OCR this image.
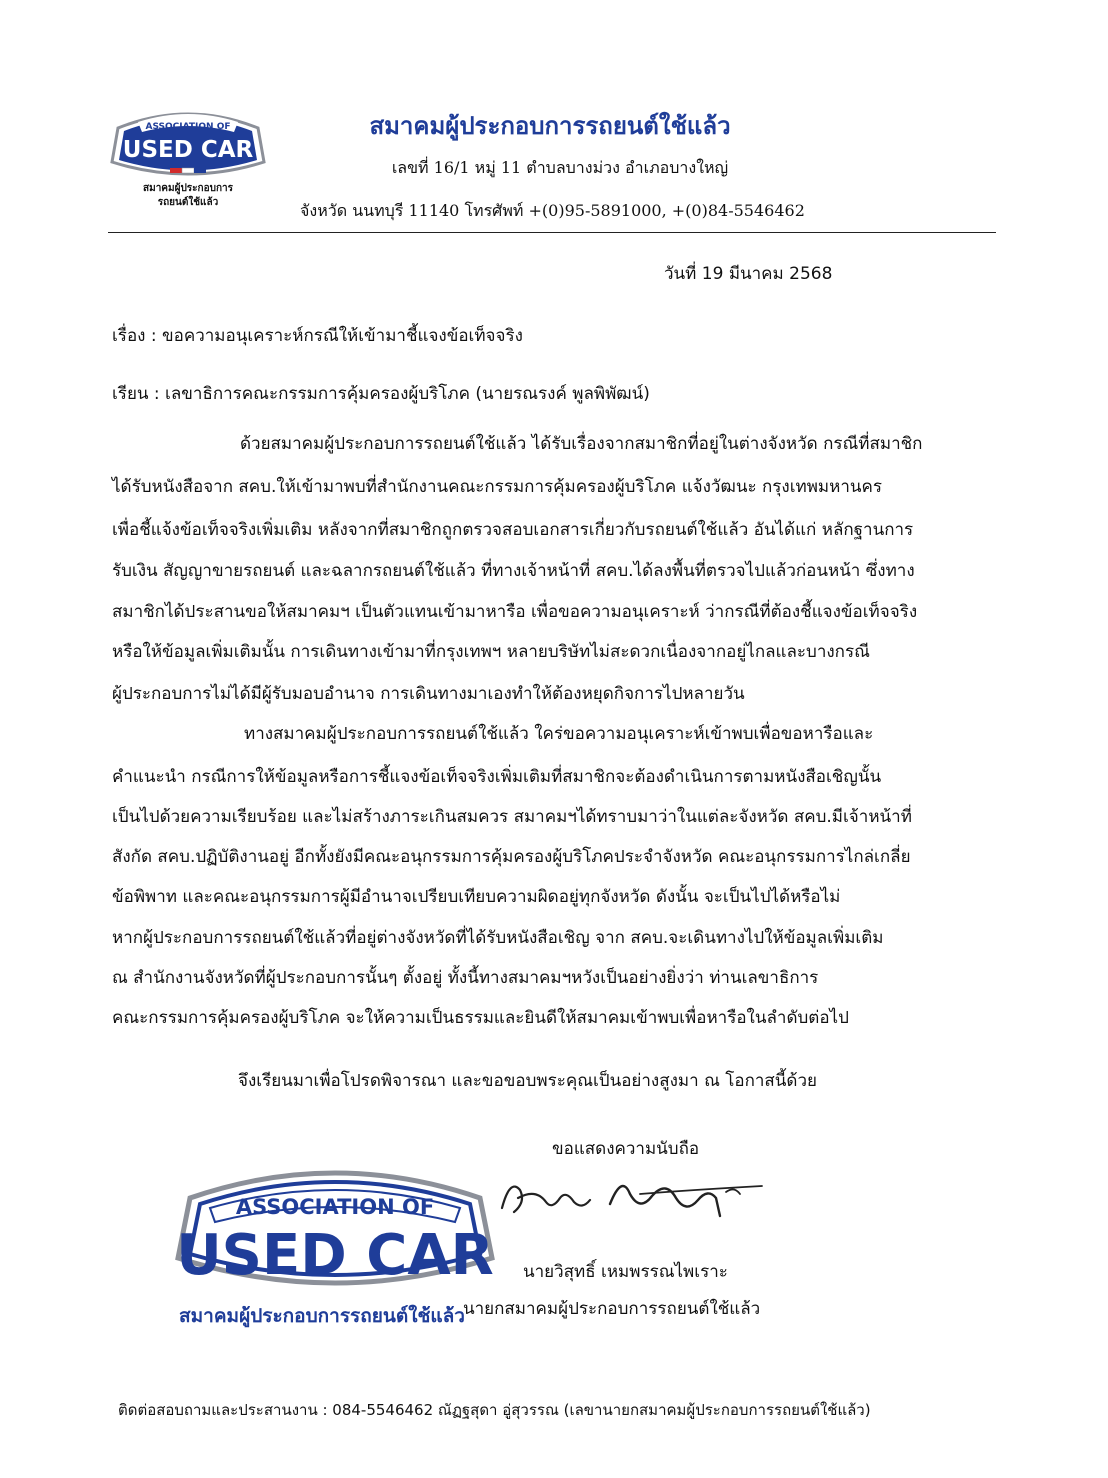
ASSOCIATION OF
USED CAR
สมาคมผู้ประกอบการ
รถยนต์ใช้แล้ว
สมาคมผู้ประกอบการรถยนต์ใช้แล้ว
เลขที่ 16/1 หมู่ 11 ตำบลบางม่วง อำเภอบางใหญ่
จังหวัด นนทบุรี 11140 โทรศัพท์ +(0)95-5891000, +(0)84-5546462
วันที่ 19 มีนาคม 2568
เรื่อง : ขอความอนุเคราะห์กรณีให้เข้ามาชี้แจงข้อเท็จจริง
เรียน : เลขาธิการคณะกรรมการคุ้มครองผู้บริโภค (นายรณรงค์ พูลพิพัฒน์)
ด้วยสมาคมผู้ประกอบการรถยนต์ใช้แล้ว ได้รับเรื่องจากสมาชิกที่อยู่ในต่างจังหวัด กรณีที่สมาชิก
ได้รับหนังสือจาก สคบ.ให้เข้ามาพบที่สำนักงานคณะกรรมการคุ้มครองผู้บริโภค แจ้งวัฒนะ กรุงเทพมหานคร
เพื่อชี้แจ้งข้อเท็จจริงเพิ่มเติม หลังจากที่สมาชิกถูกตรวจสอบเอกสารเกี่ยวกับรถยนต์ใช้แล้ว อันได้แก่ หลักฐานการ
รับเงิน สัญญาขายรถยนต์ และฉลากรถยนต์ใช้แล้ว ที่ทางเจ้าหน้าที่ สคบ.ได้ลงพื้นที่ตรวจไปแล้วก่อนหน้า ซึ่งทาง
สมาชิกได้ประสานขอให้สมาคมฯ เป็นตัวแทนเข้ามาหารือ เพื่อขอความอนุเคราะห์ ว่ากรณีที่ต้องชี้แจงข้อเท็จจริง
หรือให้ข้อมูลเพิ่มเติมนั้น การเดินทางเข้ามาที่กรุงเทพฯ หลายบริษัทไม่สะดวกเนื่องจากอยู่ไกลและบางกรณี
ผู้ประกอบการไม่ได้มีผู้รับมอบอำนาจ การเดินทางมาเองทำให้ต้องหยุดกิจการไปหลายวัน
ทางสมาคมผู้ประกอบการรถยนต์ใช้แล้ว ใคร่ขอความอนุเคราะห์เข้าพบเพื่อขอหารือและ
คำแนะนำ กรณีการให้ข้อมูลหรือการชี้แจงข้อเท็จจริงเพิ่มเติมที่สมาชิกจะต้องดำเนินการตามหนังสือเชิญนั้น
เป็นไปด้วยความเรียบร้อย และไม่สร้างภาระเกินสมควร สมาคมฯได้ทราบมาว่าในแต่ละจังหวัด สคบ.มีเจ้าหน้าที่
สังกัด สคบ.ปฏิบัติงานอยู่ อีกทั้งยังมีคณะอนุกรรมการคุ้มครองผู้บริโภคประจำจังหวัด คณะอนุกรรมการไกล่เกลี่ย
ข้อพิพาท และคณะอนุกรรมการผู้มีอำนาจเปรียบเทียบความผิดอยู่ทุกจังหวัด ดังนั้น จะเป็นไปได้หรือไม่
หากผู้ประกอบการรถยนต์ใช้แล้วที่อยู่ต่างจังหวัดที่ได้รับหนังสือเชิญ จาก สคบ.จะเดินทางไปให้ข้อมูลเพิ่มเติม
ณ สำนักงานจังหวัดที่ผู้ประกอบการนั้นๆ ตั้งอยู่ ทั้งนี้ทางสมาคมฯหวังเป็นอย่างยิ่งว่า ท่านเลขาธิการ
คณะกรรมการคุ้มครองผู้บริโภค จะให้ความเป็นธรรมและยินดีให้สมาคมเข้าพบเพื่อหารือในลำดับต่อไป
จึงเรียนมาเพื่อโปรดพิจารณา และขอขอบพระคุณเป็นอย่างสูงมา ณ โอกาสนี้ด้วย
ขอแสดงความนับถือ
ASSOCIATION OF
USED CAR
สมาคมผู้ประกอบการรถยนต์ใช้แล้ว
นายวิสุทธิ์ เหมพรรณไพเราะ
นายกสมาคมผู้ประกอบการรถยนต์ใช้แล้ว
ติดต่อสอบถามและประสานงาน : 084-5546462 ณัฏฐสุดา อู่สุวรรณ (เลขานายกสมาคมผู้ประกอบการรถยนต์ใช้แล้ว)
